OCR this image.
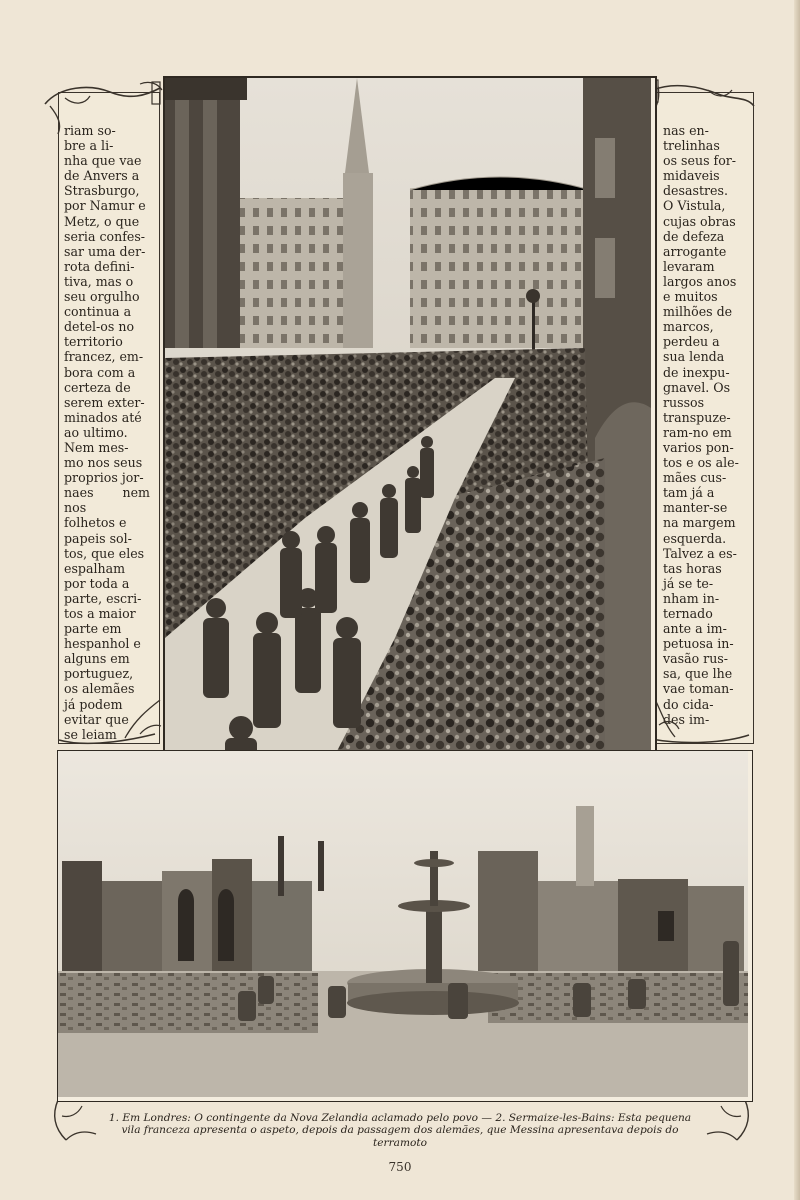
riam so-
bre a li-
nha que vae
de Anvers a
Strasburgo,
por Namur e
Metz, o que
seria confes-
sar uma der-
rota defini-
tiva, mas o
seu orgulho
continua a
detel-os no
territorio
francez, em-
bora com a
certeza de
serem exter-
minados até
ao ultimo.
Nem mes-
mo nos seus
proprios jor-
naes nem nos
folhetos e
papeis sol-
tos, que eles
espalham
por toda a
parte, escri-
tos a maior
parte em
hespanhol e
alguns em
portuguez,
os alemães
já podem
evitar que
se leiam
nas en-
trelinhas
os seus for-
midaveis
desastres.
O Vistula,
cujas obras
de defeza
arrogante
levaram
largos anos
e muitos
milhões de
marcos,
perdeu a
sua lenda
de inexpu-
gnavel. Os
russos
transpuze-
ram-no em
varios pon-
tos e os ale-
mães cus-
tam já a
manter-se
na margem
esquerda.
Talvez a es-
tas horas
já se te-
nham in-
ternado
ante a im-
petuosa in-
vasão rus-
sa, que lhe
vae toman-
do cida-
des im-
1. Em Londres: O contingente da Nova Zelandia aclamado pelo povo — 2. Sermaize-les-Bains: Esta pequena vila franceza apresenta o aspeto, depois da passagem dos alemães, que Messina apresentava depois do terramoto
750
